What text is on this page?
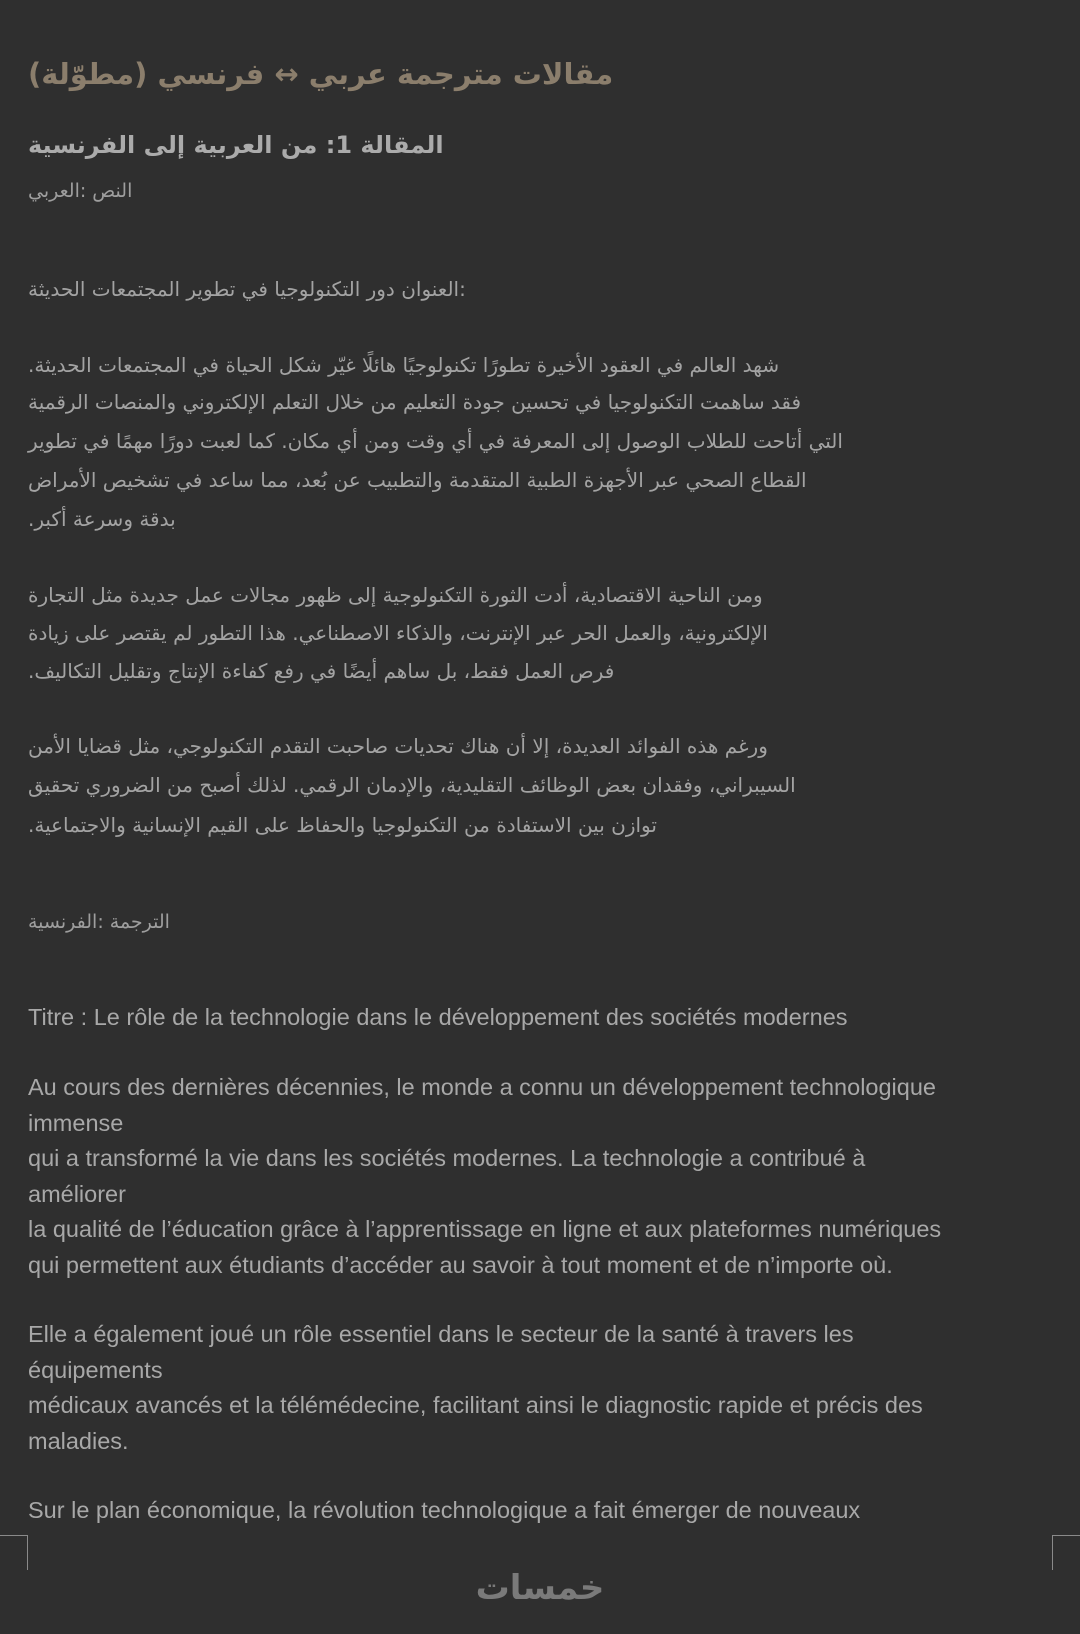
مقالات مترجمة عربي ↔ فرنسي (مطوّلة)
المقالة 1: من العربية إلى الفرنسية
النص :العربي
:العنوان دور التكنولوجيا في تطوير المجتمعات الحديثة
شهد العالم في العقود الأخيرة تطورًا تكنولوجيًا هائلًا غيّر شكل الحياة في المجتمعات الحديثة.
فقد ساهمت التكنولوجيا في تحسين جودة التعليم من خلال التعلم الإلكتروني والمنصات الرقمية
التي أتاحت للطلاب الوصول إلى المعرفة في أي وقت ومن أي مكان. كما لعبت دورًا مهمًا في تطوير
القطاع الصحي عبر الأجهزة الطبية المتقدمة والتطبيب عن بُعد، مما ساعد في تشخيص الأمراض
بدقة وسرعة أكبر.
ومن الناحية الاقتصادية، أدت الثورة التكنولوجية إلى ظهور مجالات عمل جديدة مثل التجارة
الإلكترونية، والعمل الحر عبر الإنترنت، والذكاء الاصطناعي. هذا التطور لم يقتصر على زيادة
فرص العمل فقط، بل ساهم أيضًا في رفع كفاءة الإنتاج وتقليل التكاليف.
ورغم هذه الفوائد العديدة، إلا أن هناك تحديات صاحبت التقدم التكنولوجي، مثل قضايا الأمن
السيبراني، وفقدان بعض الوظائف التقليدية، والإدمان الرقمي. لذلك أصبح من الضروري تحقيق
توازن بين الاستفادة من التكنولوجيا والحفاظ على القيم الإنسانية والاجتماعية.
الترجمة :الفرنسية
Titre : Le rôle de la technologie dans le développement des sociétés modernes
Au cours des dernières décennies, le monde a connu un développement technologique
immense
qui a transformé la vie dans les sociétés modernes. La technologie a contribué à
améliorer
la qualité de l’éducation grâce à l’apprentissage en ligne et aux plateformes numériques
qui permettent aux étudiants d’accéder au savoir à tout moment et de n’importe où.
Elle a également joué un rôle essentiel dans le secteur de la santé à travers les
équipements
médicaux avancés et la télémédecine, facilitant ainsi le diagnostic rapide et précis des
maladies.
Sur le plan économique, la révolution technologique a fait émerger de nouveaux
خمسات
